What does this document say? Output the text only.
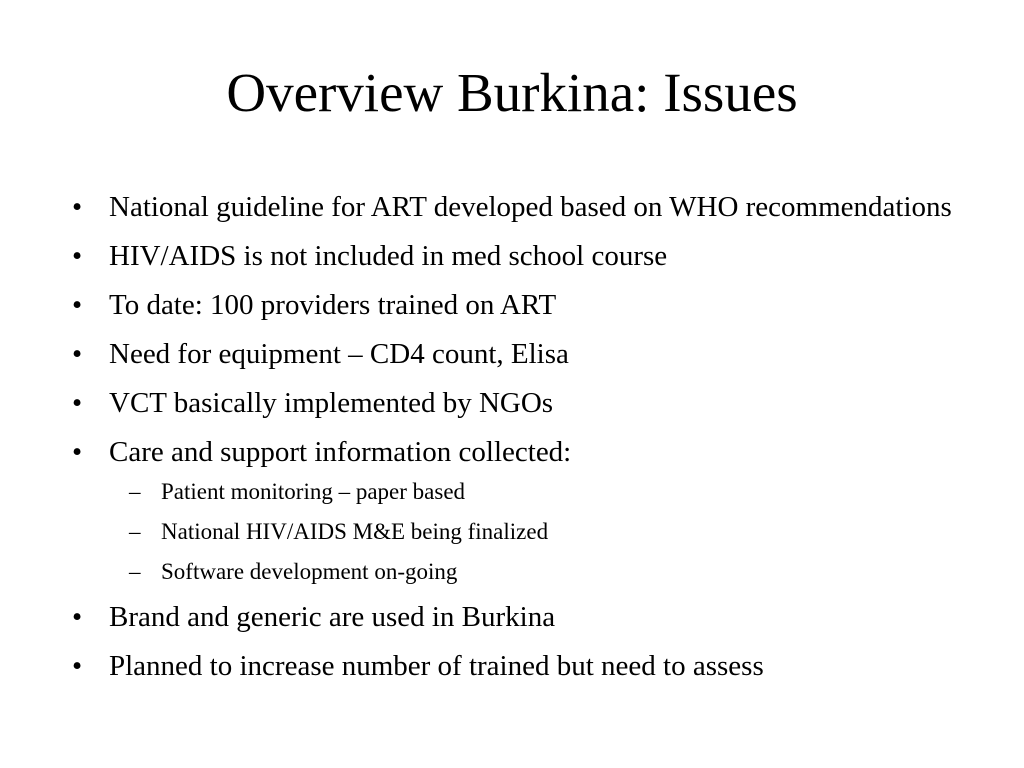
Overview Burkina: Issues
• National guideline for ART developed based on WHO recommendations
• HIV/AIDS is not included in med school course
• To date: 100 providers trained on ART
• Need for equipment – CD4 count, Elisa
• VCT basically implemented by NGOs
• Care and support information collected:
– Patient monitoring – paper based
– National HIV/AIDS M&E being finalized
– Software development on-going
• Brand and generic are used in Burkina
• Planned to increase number of trained but need to assess
